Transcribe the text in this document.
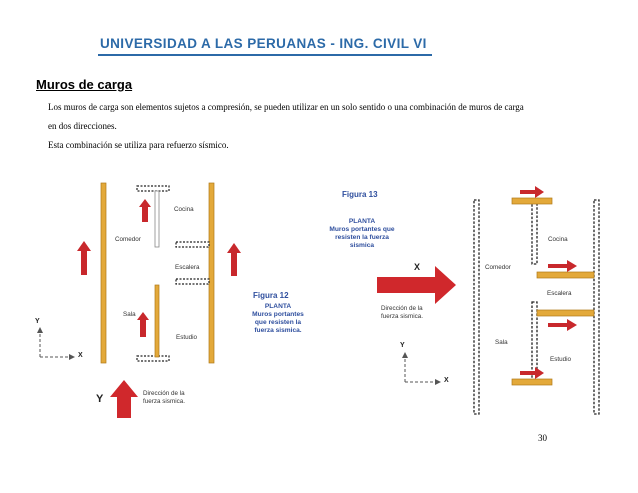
UNIVERSIDAD A LAS PERUANAS - ING. CIVIL VI
Muros de carga
Los muros de carga son elementos sujetos a compresión, se pueden utilizar en un solo sentido o una combinación de muros de carga
en dos direcciones.
Esta combinación se utiliza para refuerzo sísmico.
Cocina
Comedor
Escalera
Sala
Estudio
Figura 12
PLANTA
Muros portantes
que resisten la
fuerza sismica.
Dirección de la
fuerza sismica.
Y
X
Y
Figura 13
PLANTA
Muros portantes que
resisten la fuerza
sismica
Cocina
Comedor
Escalera
Sala
Estudio
Dirección de la
fuerza sismica.
Y
X
X
30
